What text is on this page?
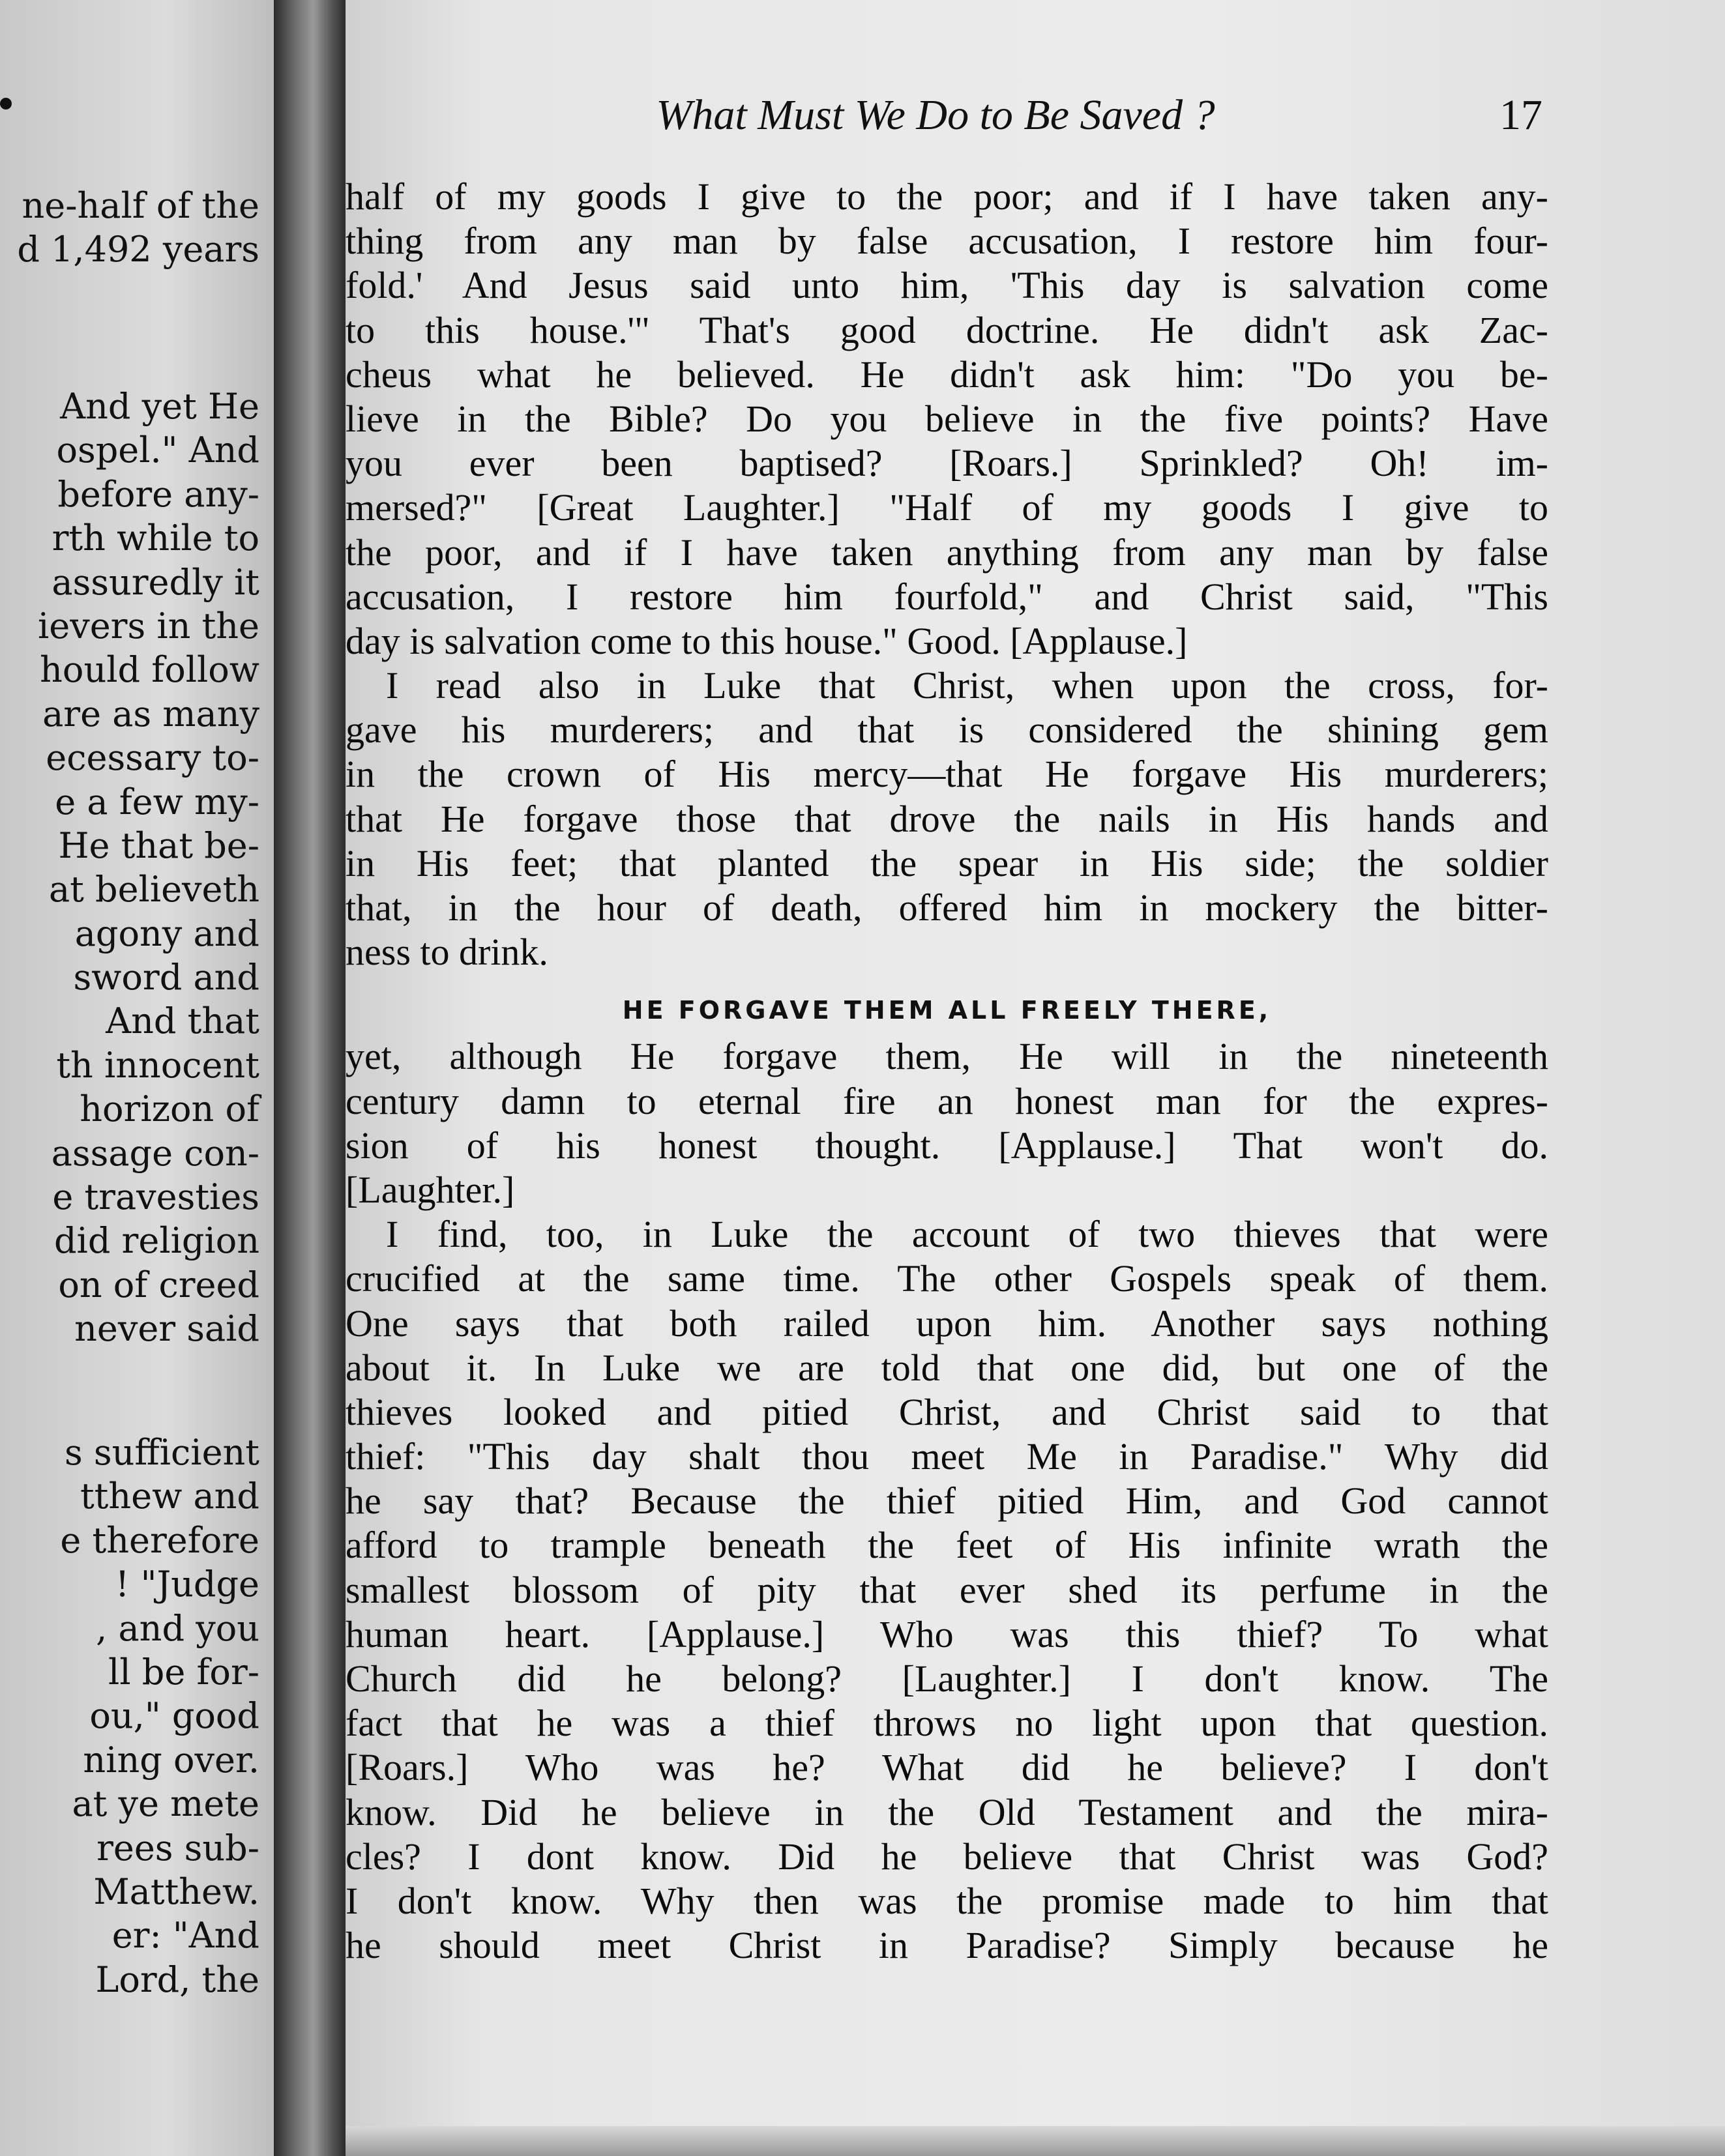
ne-half of the
d 1,492 years
And yet He
ospel." And
before any-
rth while to
assuredly it
ievers in the
hould follow
are as many
ecessary to-
e a few my-
He that be-
at believeth
agony and
sword and
And that
th innocent
horizon of
assage con-
e travesties
did religion
on of creed
never said
s sufficient
tthew and
e therefore
! "Judge
, and you
ll be for-
ou," good
ning over.
at ye mete
rees sub-
Matthew.
er: "And
Lord, the
What Must We Do to Be Saved ?	17
half of my goods I give to the poor; and if I have taken any-
thing from any man by false accusation, I restore him four-
fold.' And Jesus said unto him, 'This day is salvation come
to this house.'" That's good doctrine. He didn't ask Zac-
cheus what he believed. He didn't ask him: "Do you be-
lieve in the Bible? Do you believe in the five points? Have
you ever been baptised? [Roars.] Sprinkled? Oh! im-
mersed?" [Great Laughter.] "Half of my goods I give to
the poor, and if I have taken anything from any man by false
accusation, I restore him fourfold," and Christ said, "This
day is salvation come to this house." Good. [Applause.]
I read also in Luke that Christ, when upon the cross, for-
gave his murderers; and that is considered the shining gem
in the crown of His mercy—that He forgave His murderers;
that He forgave those that drove the nails in His hands and
in His feet; that planted the spear in His side; the soldier
that, in the hour of death, offered him in mockery the bitter-
ness to drink.
HE FORGAVE THEM ALL FREELY THERE,
yet, although He forgave them, He will in the nineteenth
century damn to eternal fire an honest man for the expres-
sion of his honest thought. [Applause.] That won't do.
[Laughter.]
I find, too, in Luke the account of two thieves that were
crucified at the same time. The other Gospels speak of them.
One says that both railed upon him. Another says nothing
about it. In Luke we are told that one did, but one of the
thieves looked and pitied Christ, and Christ said to that
thief: "This day shalt thou meet Me in Paradise." Why did
he say that? Because the thief pitied Him, and God cannot
afford to trample beneath the feet of His infinite wrath the
smallest blossom of pity that ever shed its perfume in the
human heart. [Applause.] Who was this thief? To what
Church did he belong? [Laughter.] I don't know. The
fact that he was a thief throws no light upon that question.
[Roars.] Who was he? What did he believe? I don't
know. Did he believe in the Old Testament and the mira-
cles? I dont know. Did he believe that Christ was God?
I don't know. Why then was the promise made to him that
he should meet Christ in Paradise? Simply because he
